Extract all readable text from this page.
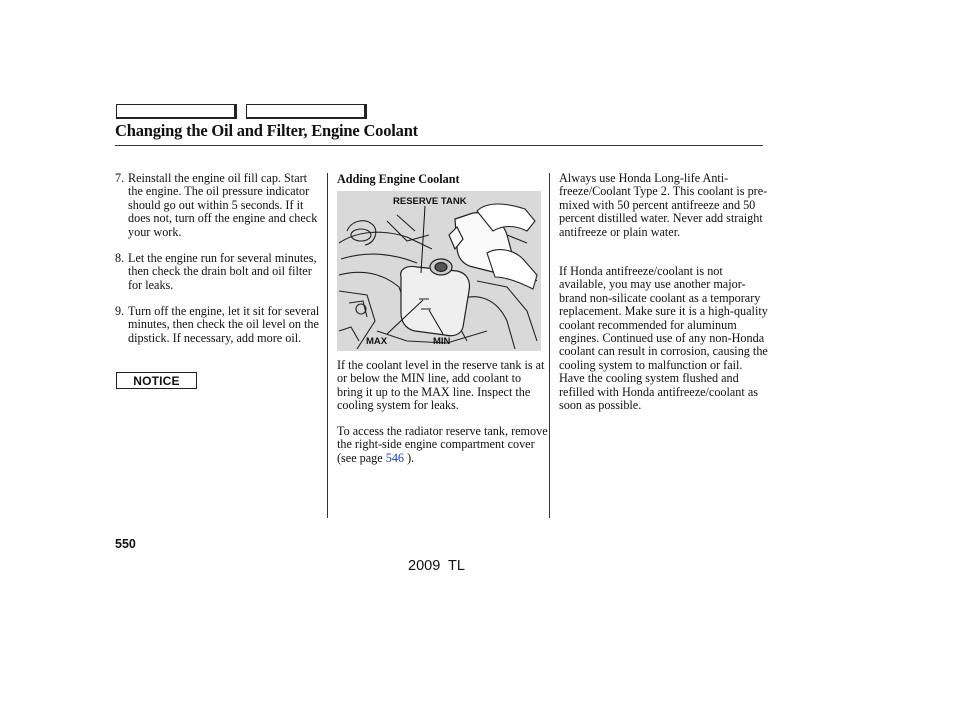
Changing the Oil and Filter, Engine Coolant
7. Reinstall the engine oil fill cap. Start the engine. The oil pressure indicator should go out within 5 seconds. If it does not, turn off the engine and check your work.
8. Let the engine run for several minutes, then check the drain bolt and oil filter for leaks.
9. Turn off the engine, let it sit for several minutes, then check the oil level on the dipstick. If necessary, add more oil.
NOTICE
Adding Engine Coolant
RESERVE TANK
MAX	MIN
If the coolant level in the reserve tank is at or below the MIN line, add coolant to bring it up to the MAX line. Inspect the cooling system for leaks.
To access the radiator reserve tank, remove the right-side engine compartment cover (see page 546 ).
Always use Honda Long-life Anti-freeze/Coolant Type 2. This coolant is pre-mixed with 50 percent antifreeze and 50 percent distilled water. Never add straight antifreeze or plain water.
If Honda antifreeze/coolant is not available, you may use another major-brand non-silicate coolant as a temporary replacement. Make sure it is a high-quality coolant recommended for aluminum engines. Continued use of any non-Honda coolant can result in corrosion, causing the cooling system to malfunction or fail. Have the cooling system flushed and refilled with Honda antifreeze/coolant as soon as possible.
550
2009  TL
